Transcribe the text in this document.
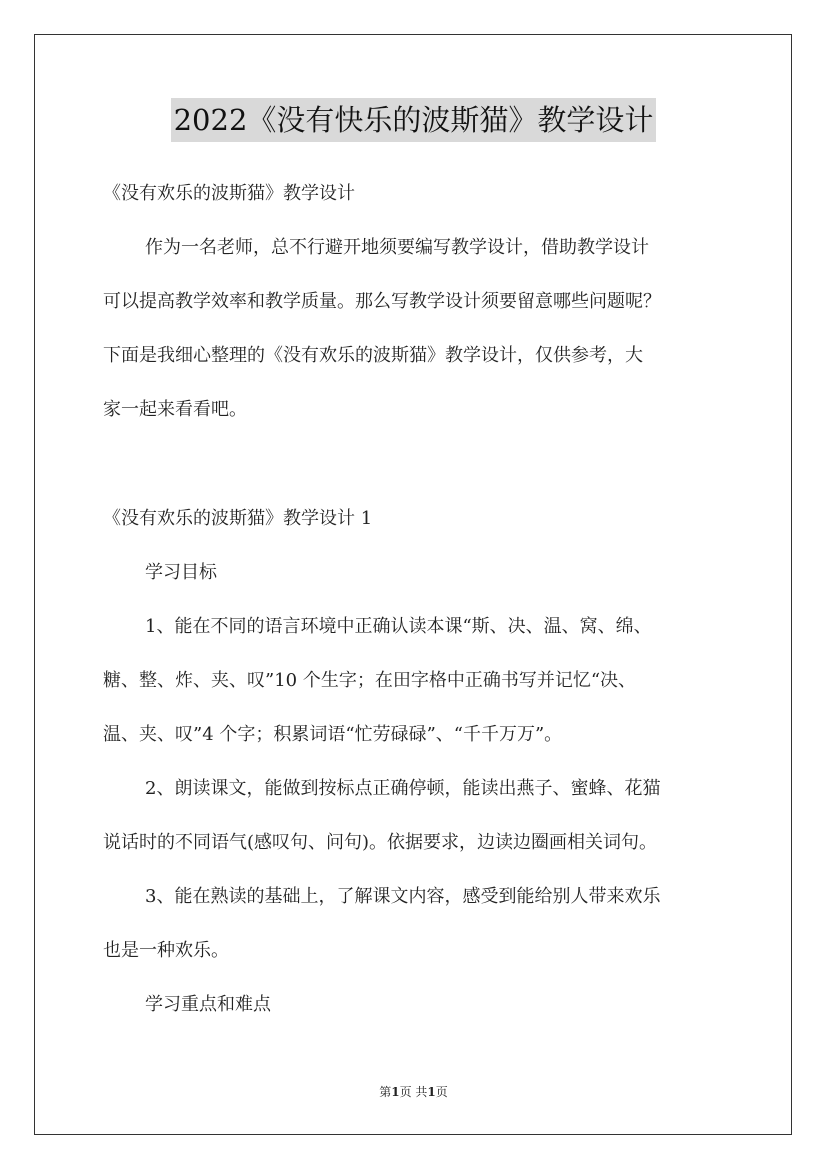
2022《没有快乐的波斯猫》教学设计
《没有欢乐的波斯猫》教学设计
作为一名老师，总不行避开地须要编写教学设计，借助教学设计
可以提高教学效率和教学质量。那么写教学设计须要留意哪些问题呢？
下面是我细心整理的《没有欢乐的波斯猫》教学设计，仅供参考，大
家一起来看看吧。
《没有欢乐的波斯猫》教学设计 1
学习目标
1、能在不同的语言环境中正确认读本课“斯、决、温、窝、绵、
糖、整、炸、夹、叹”10 个生字；在田字格中正确书写并记忆“决、
温、夹、叹”4 个字；积累词语“忙劳碌碌”、“千千万万”。
2、朗读课文，能做到按标点正确停顿，能读出燕子、蜜蜂、花猫
说话时的不同语气(感叹句、问句)。依据要求，边读边圈画相关词句。
3、能在熟读的基础上，了解课文内容，感受到能给别人带来欢乐
也是一种欢乐。
学习重点和难点
第1页 共1页
